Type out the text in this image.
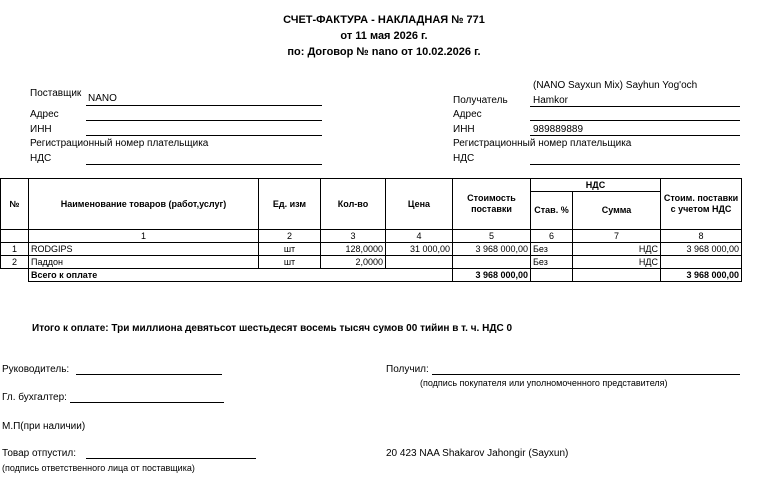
СЧЕТ-ФАКТУРА - НАКЛАДНАЯ № 771
от 11 мая 2026 г.
по: Договор № nano от 10.02.2026 г.
Поставщик NANO
Адрес
ИНН
Регистрационный номер плательщика
НДС
(NANO Sayxun Mix) Sayhun Yog'och
Получатель	Hamkor
Адрес
ИНН	989889889
Регистрационный номер плательщика
НДС
№	Наименование товаров (работ,услуг)	Ед. изм	Кол-во	Цена	Стоимость поставки	НДС		Стоим. поставки с учетом НДС
						Став. %	Сумма	
	1	2	3	4	5	6	7	8
1	RODGIPS	шт	128,0000	31 000,00	3 968 000,00	Без	НДС	3 968 000,00
2	Паддон	шт	2,0000			Без	НДС	
	Всего к оплате				3 968 000,00			3 968 000,00
Итого к оплате: Три миллиона девятьсот шестьдесят восемь тысяч сумов 00 тийин в т. ч. НДС 0
Руководитель:	Получил:
(подпись покупателя или уполномоченного представителя)
Гл. бухгалтер:
М.П(при наличии)
Товар отпустил:
(подпись ответственного лица от поставщика)
20 423 NAA Shakarov Jahongir (Sayxun)
